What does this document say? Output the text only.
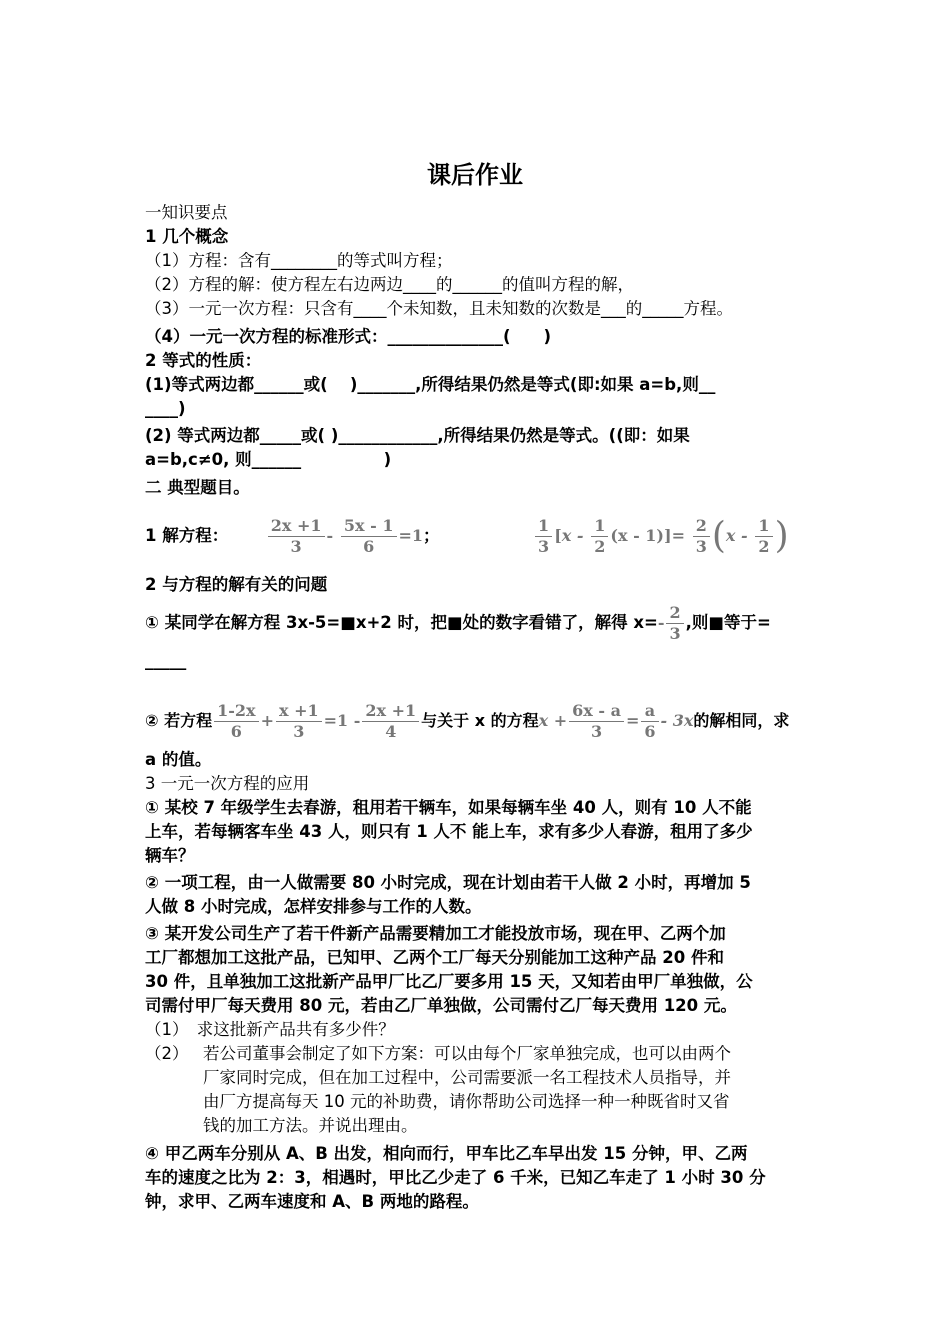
课后作业
一知识要点
1 几个概念
（1）方程：含有________的等式叫方程；
（2）方程的解：使方程左右边两边____的______的值叫方程的解，
（3）一元一次方程：只含有____个未知数，且未知数的次数是___的_____方程。
（4）一元一次方程的标准形式：______________(　　)
2 等式的性质：
(1)等式两边都______或(　 )_______,所得结果仍然是等式(即:如果 a=b,则__
____)
(2) 等式两边都_____或( )____________,所得结果仍然是等式。((即：如果
a=b,c≠0, 则______　　　　　)
二 典型题目。
1 解方程： $\frac{2x +1}{3} - \frac{5x - 1}{6} =1$；	$\frac{1}{3} [x - \frac{1}{2} (x - 1)]= \frac{2}{3} (x - \frac{1}{2}$ )
2 与方程的解有关的问题
① 某同学在解方程 3x-5=■x+2 时，把■处的数字看错了，解得 $x=- \frac{2}{3}$ ,则■等于=
_____
② 若方程 $\frac{1-2x}{6} + \frac{x +1}{3} =1 - \frac{2x +1}{4}$ 与关于 x 的方程$x + \frac{6x - a}{3} = \frac{a}{6} - 3x$的解相同，求
a 的值。
3 一元一次方程的应用
① 某校 7 年级学生去春游，租用若干辆车，如果每辆车坐 40 人，则有 10 人不能
上车，若每辆客车坐 43 人，则只有 1 人不 能上车，求有多少人春游，租用了多少
辆车？
② 一项工程，由一人做需要 80 小时完成，现在计划由若干人做 2 小时，再增加 5
人做 8 小时完成，怎样安排参与工作的人数。
③ 某开发公司生产了若干件新产品需要精加工才能投放市场，现在甲、乙两个加
工厂都想加工这批产品，已知甲、乙两个工厂每天分别能加工这种产品 20 件和
30 件，且单独加工这批新产品甲厂比乙厂要多用 15 天，又知若由甲厂单独做，公
司需付甲厂每天费用 80 元，若由乙厂单独做，公司需付乙厂每天费用 120 元。
（1）　求这批新产品共有多少件？
（2） 若公司董事会制定了如下方案：可以由每个厂家单独完成，也可以由两个
厂家同时完成，但在加工过程中，公司需要派一名工程技术人员指导，并
由厂方提高每天 10 元的补助费，请你帮助公司选择一种一种既省时又省
钱的加工方法。并说出理由。
④ 甲乙两车分别从 A、B 出发，相向而行，甲车比乙车早出发 15 分钟，甲、乙两
车的速度之比为 2：3，相遇时，甲比乙少走了 6 千米，已知乙车走了 1 小时 30 分
钟，求甲、乙两车速度和 A、B 两地的路程。
